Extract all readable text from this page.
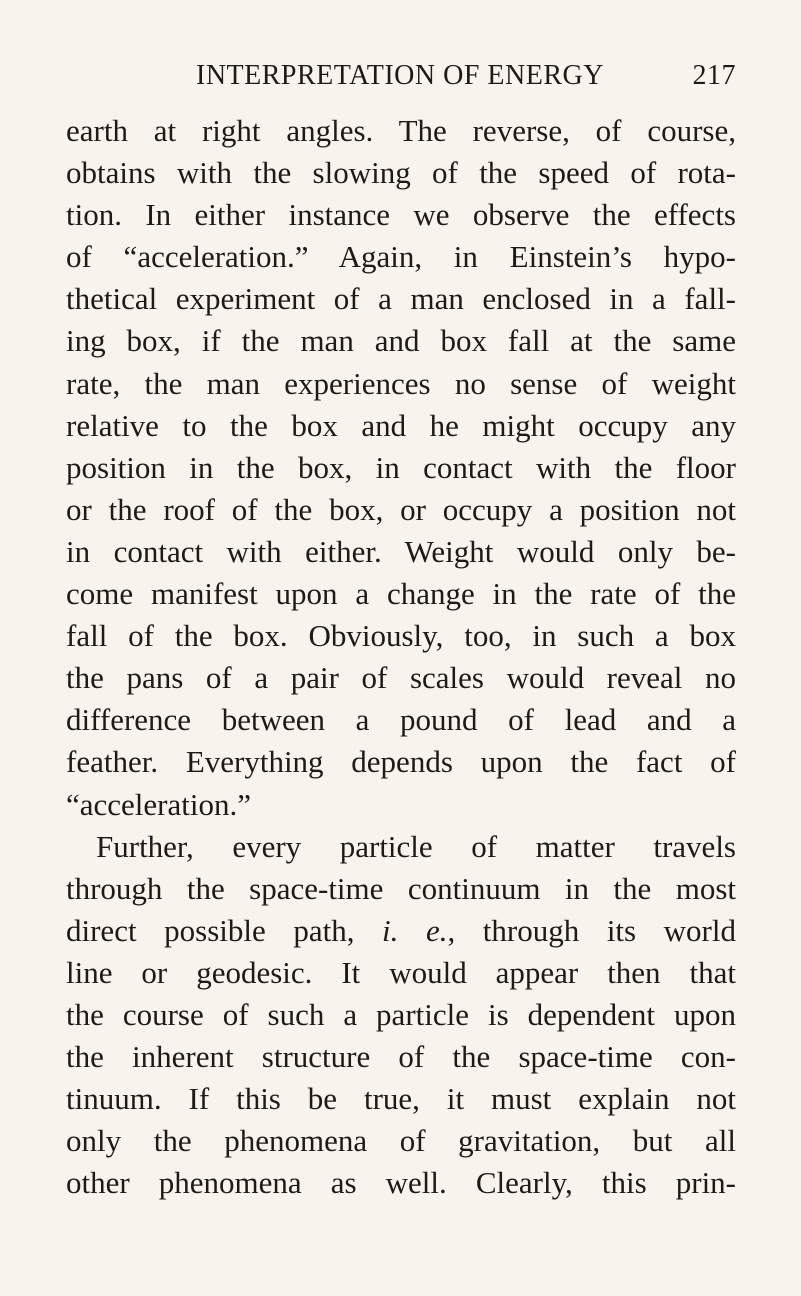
INTERPRETATION OF ENERGY	217
earth at right angles. The reverse, of course,
obtains with the slowing of the speed of rota-
tion. In either instance we observe the effects
of “acceleration.” Again, in Einstein’s hypo-
thetical experiment of a man enclosed in a fall-
ing box, if the man and box fall at the same
rate, the man experiences no sense of weight
relative to the box and he might occupy any
position in the box, in contact with the floor
or the roof of the box, or occupy a position not
in contact with either. Weight would only be-
come manifest upon a change in the rate of the
fall of the box. Obviously, too, in such a box
the pans of a pair of scales would reveal no
difference between a pound of lead and a
feather. Everything depends upon the fact of
“acceleration.”
Further, every particle of matter travels
through the space-time continuum in the most
direct possible path, i. e., through its world
line or geodesic. It would appear then that
the course of such a particle is dependent upon
the inherent structure of the space-time con-
tinuum. If this be true, it must explain not
only the phenomena of gravitation, but all
other phenomena as well. Clearly, this prin-
